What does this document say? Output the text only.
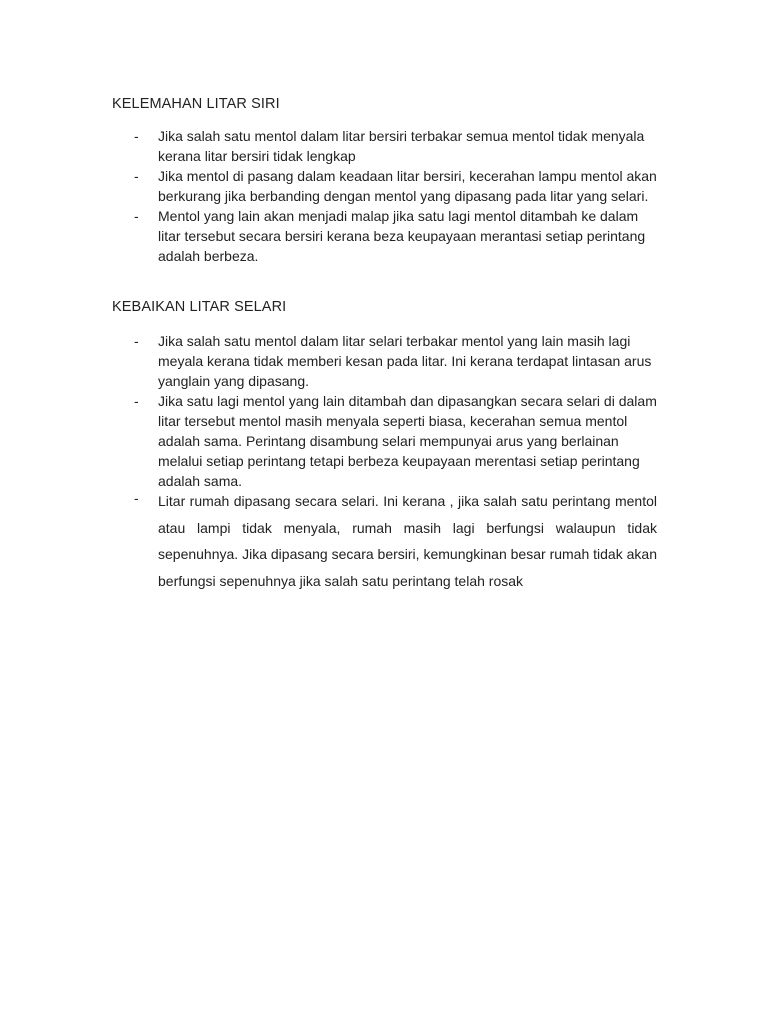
KELEMAHAN LITAR SIRI
- Jika salah satu mentol dalam litar bersiri terbakar semua mentol tidak menyala kerana litar bersiri tidak lengkap
- Jika mentol di pasang dalam keadaan litar bersiri, kecerahan lampu mentol akan berkurang jika berbanding dengan mentol yang dipasang pada litar yang selari.
- Mentol yang lain akan menjadi malap jika satu lagi mentol ditambah ke dalam litar tersebut secara bersiri kerana beza keupayaan merantasi setiap perintang adalah berbeza.
KEBAIKAN LITAR SELARI
- Jika salah satu mentol dalam litar selari terbakar mentol yang lain masih lagi meyala kerana tidak memberi kesan pada litar. Ini kerana terdapat lintasan arus yanglain yang dipasang.
- Jika satu lagi mentol yang lain ditambah dan dipasangkan secara selari di dalam litar tersebut mentol masih menyala seperti biasa, kecerahan semua mentol adalah sama. Perintang disambung selari mempunyai arus yang berlainan melalui setiap perintang tetapi berbeza keupayaan merentasi setiap perintang adalah sama.
- Litar rumah dipasang secara selari. Ini kerana , jika salah satu perintang mentol atau lampi tidak menyala, rumah masih lagi berfungsi walaupun tidak sepenuhnya. Jika dipasang secara bersiri, kemungkinan besar rumah tidak akan berfungsi sepenuhnya jika salah satu perintang telah rosak
